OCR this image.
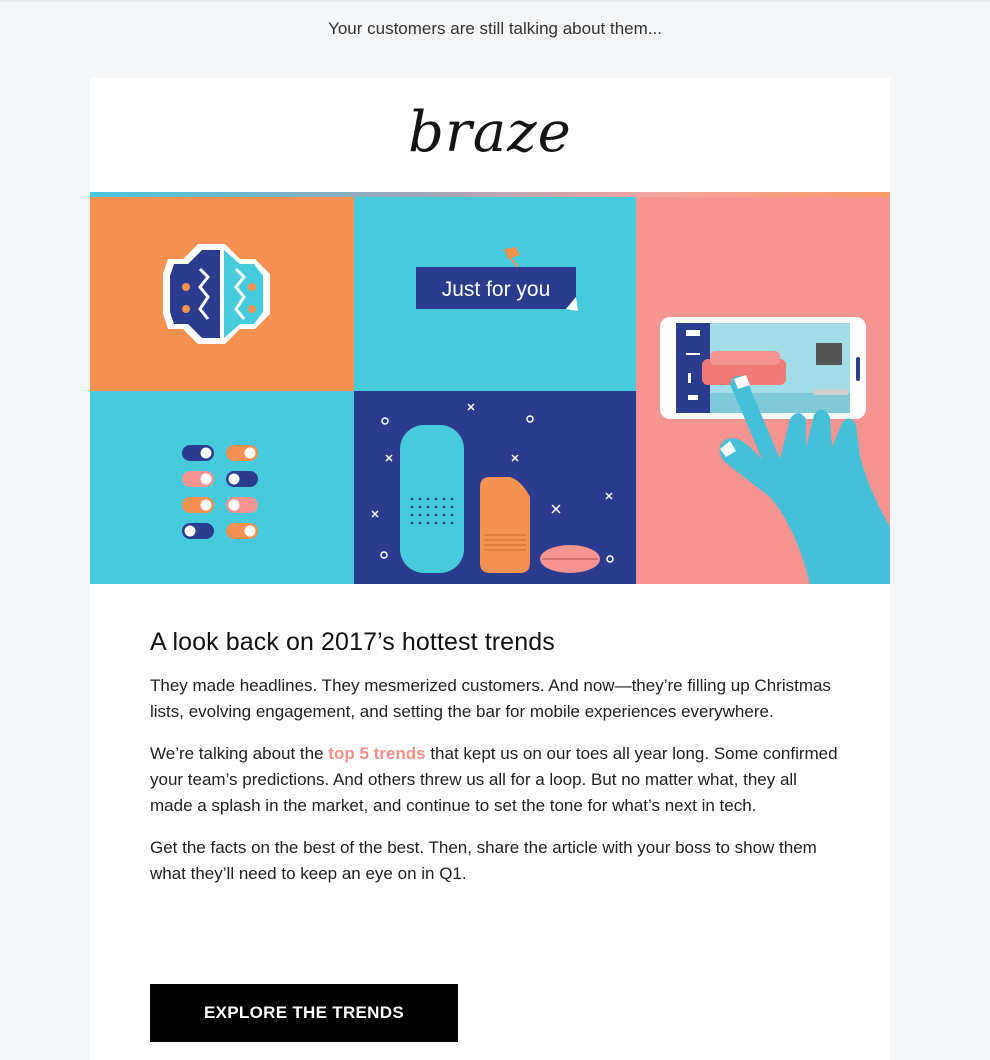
Your customers are still talking about them...
braze
Just for you
A look back on 2017’s hottest trends

They made headlines. They mesmerized customers. And now—they’re filling up Christmas lists, evolving engagement, and setting the bar for mobile experiences everywhere.

We’re talking about the top 5 trends that kept us on our toes all year long. Some confirmed your team’s predictions. And others threw us all for a loop. But no matter what, they all made a splash in the market, and continue to set the tone for what’s next in tech.

Get the facts on the best of the best. Then, share the article with your boss to show them what they’ll need to keep an eye on in Q1.

EXPLORE THE TRENDS
